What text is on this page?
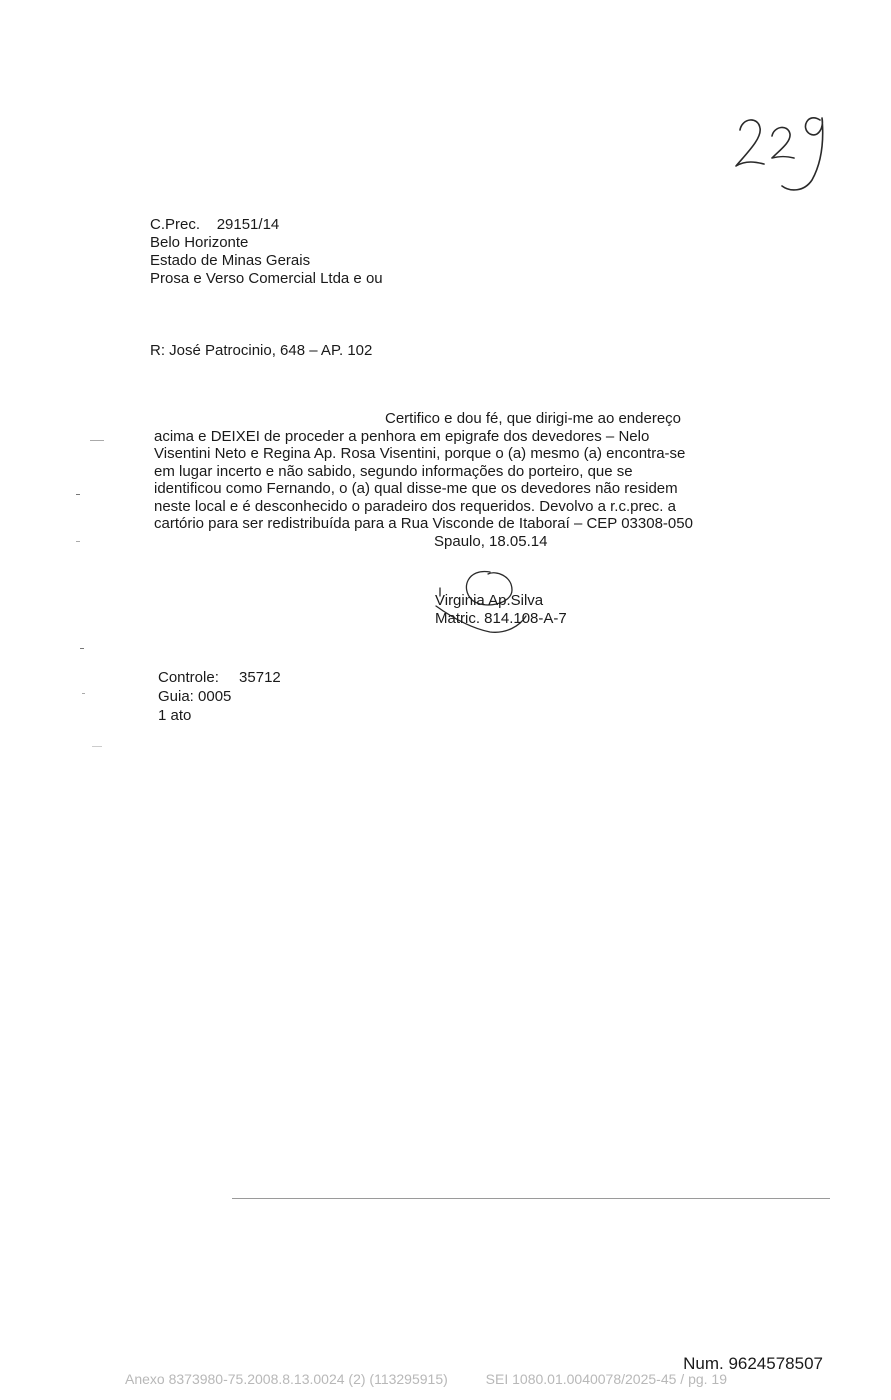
C.Prec. 29151/14
Belo Horizonte
Estado de Minas Gerais
Prosa e Verso Comercial Ltda e ou
R: José Patrocinio, 648 – AP. 102
Certifico e dou fé, que dirigi-me ao endereço
acima e DEIXEI de proceder a penhora em epigrafe dos devedores – Nelo
Visentini Neto e Regina Ap. Rosa Visentini, porque o (a) mesmo (a) encontra-se
em lugar incerto e não sabido, segundo informações do porteiro, que se
identificou como Fernando, o (a) qual disse-me que os devedores não residem
neste local e é desconhecido o paradeiro dos requeridos. Devolvo a r.c.prec. a
cartório para ser redistribuída para a Rua Visconde de Itaboraí – CEP 03308-050
Spaulo, 18.05.14
Virginia Ap.Silva
Matric. 814.108-A-7
Controle: 35712
Guia: 0005
1 ato
Num. 9624578507
Anexo 8373980-75.2008.8.13.0024 (2) (113295915)	SEI 1080.01.0040078/2025-45 / pg. 19
